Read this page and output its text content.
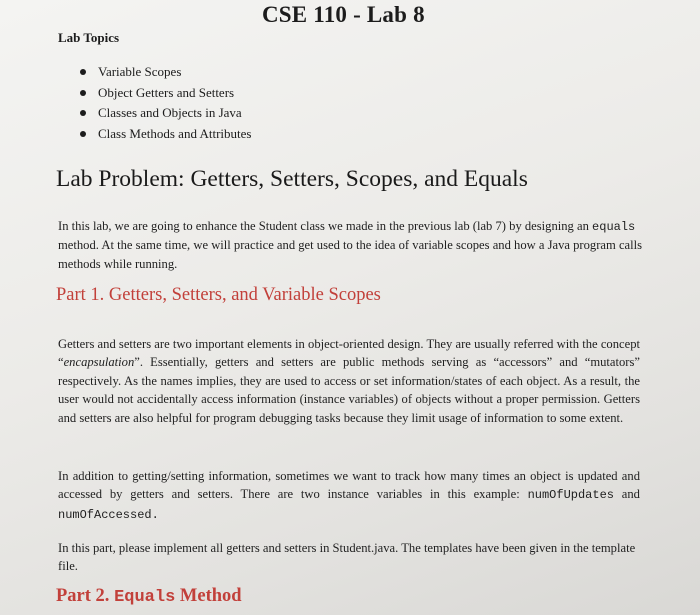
CSE 110 - Lab 8
Lab Topics
Variable Scopes
Object Getters and Setters
Classes and Objects in Java
Class Methods and Attributes
Lab Problem: Getters, Setters, Scopes, and Equals

In this lab, we are going to enhance the Student class we made in the previous lab (lab 7) by designing an equals method. At the same time, we will practice and get used to the idea of variable scopes and how a Java program calls methods while running.

Part 1. Getters, Setters, and Variable Scopes

Getters and setters are two important elements in object-oriented design. They are usually referred with the concept “encapsulation”. Essentially, getters and setters are public methods serving as “accessors” and “mutators” respectively. As the names implies, they are used to access or set information/states of each object. As a result, the user would not accidentally access information (instance variables) of objects without a proper permission. Getters and setters are also helpful for program debugging tasks because they limit usage of information to some extent.

In addition to getting/setting information, sometimes we want to track how many times an object is updated and accessed by getters and setters. There are two instance variables in this example: numOfUpdates and numOfAccessed.

In this part, please implement all getters and setters in Student.java. The templates have been given in the template file.

Part 2. Equals Method
